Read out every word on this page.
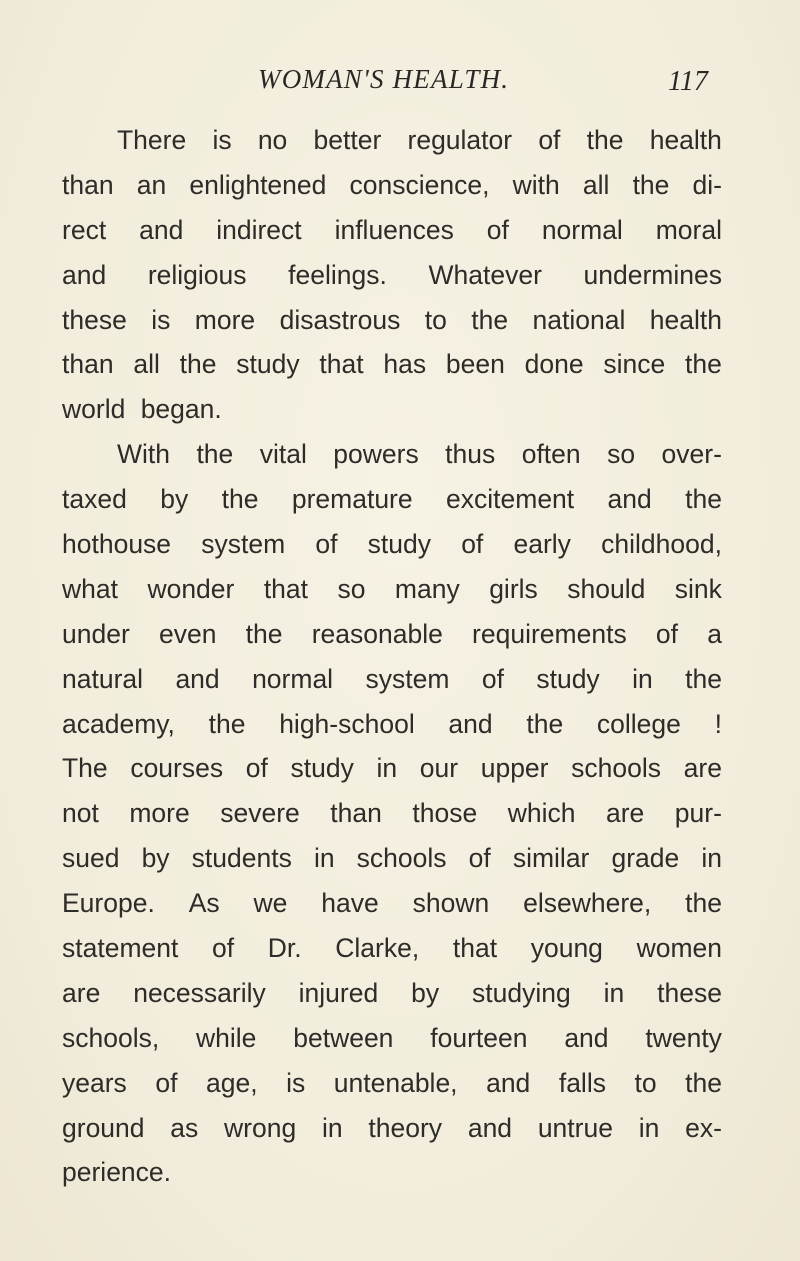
WOMAN'S HEALTH.	117
There is no better regulator of the health
than an enlightened conscience, with all the di-
rect and indirect influences of normal moral
and religious feelings. Whatever undermines
these is more disastrous to the national health
than all the study that has been done since the
world began.
With the vital powers thus often so over-
taxed by the premature excitement and the
hothouse system of study of early childhood,
what wonder that so many girls should sink
under even the reasonable requirements of a
natural and normal system of study in the
academy, the high-school and the college !
The courses of study in our upper schools are
not more severe than those which are pur-
sued by students in schools of similar grade in
Europe. As we have shown elsewhere, the
statement of Dr. Clarke, that young women
are necessarily injured by studying in these
schools, while between fourteen and twenty
years of age, is untenable, and falls to the
ground as wrong in theory and untrue in ex-
perience.
